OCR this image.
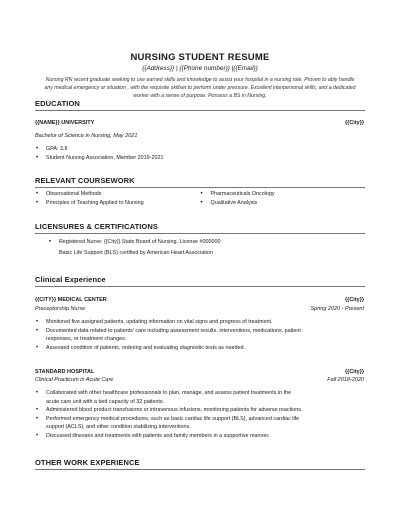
NURSING STUDENT RESUME
{{Address}} | {{Phone number}} |{{Email}}
Nursing RN recent graduate seeking to use earned skills and knowledge to assist your hospital in a nursing role. Proven to ably handle any medical emergency or situation , with the requisite skillset to perform under pressure. Excellent interpersonal skills, and a dedicated worker with a sense of purpose. Possess a BS in Nursing.
EDUCATION
{{NAME}} UNIVERSITY	{{City}}
Bachelor of Science in Nursing, May 2021
• GPA: 3.8
• Student Nursing Association, Member 2019-2021
RELEVANT COURSEWORK
• Observational Methods
• Principles of Teaching Applied to Nursing
• Pharmaceuticals Oncology
• Qualitative Analysis
LICENSURES & CERTIFICATIONS
• Registered Nurse: {{City}} State Board of Nursing, License #000000
Basic Life Support (BLS) certified by American Heart Association
Clinical Experience
{{CITY}} MEDICAL CENTER	{{City}}
Preceptorship Nurse	Spring 2020 - Present
• Monitored five assigned patients, updating information on vital signs and progress of treatment.
• Documented data related to patients' care including assessment results, interventions, medications, patient
responses, or treatment changes.
• Assessed condition of patients, ordering and evaluating diagnostic tests as needed.
STANDARD HOSPITAL	{{City}}
Clinical Practicum in Acute Care	Fall 2018-2020
• Collaborated with other healthcare professionals to plan, manage, and assess patient treatments in the
acute care unit with a bed capacity of 32 patients.
• Administered blood product transfusions or intravenous infusions, monitoring patients for adverse reactions.
• Performed emergency medical procedures, such as basic cardiac life support (BLS), advanced cardiac life
support (ACLS), and other condition stabilizing interventions.
• Discussed illnesses and treatments with patients and family members in a supportive manner.
OTHER WORK EXPERIENCE
